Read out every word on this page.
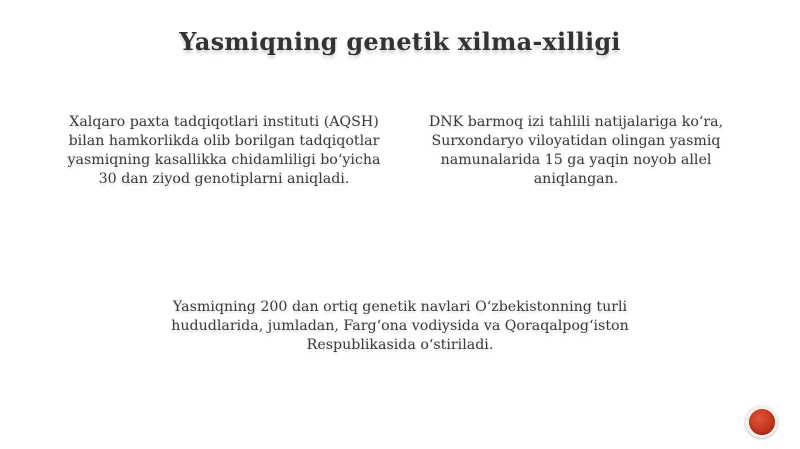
Yasmiqning genetik xilma-xilligi
Xalqaro paxta tadqiqotlari instituti (AQSH)
bilan hamkorlikda olib borilgan tadqiqotlar
yasmiqning kasallikka chidamliligi bo‘yicha
30 dan ziyod genotiplarni aniqladi.
DNK barmoq izi tahlili natijalariga ko‘ra,
Surxondaryo viloyatidan olingan yasmiq
namunalarida 15 ga yaqin noyob allel
aniqlangan.
Yasmiqning 200 dan ortiq genetik navlari O‘zbekistonning turli
hududlarida, jumladan, Farg‘ona vodiysida va Qoraqalpog‘iston
Respublikasida o‘stiriladi.
